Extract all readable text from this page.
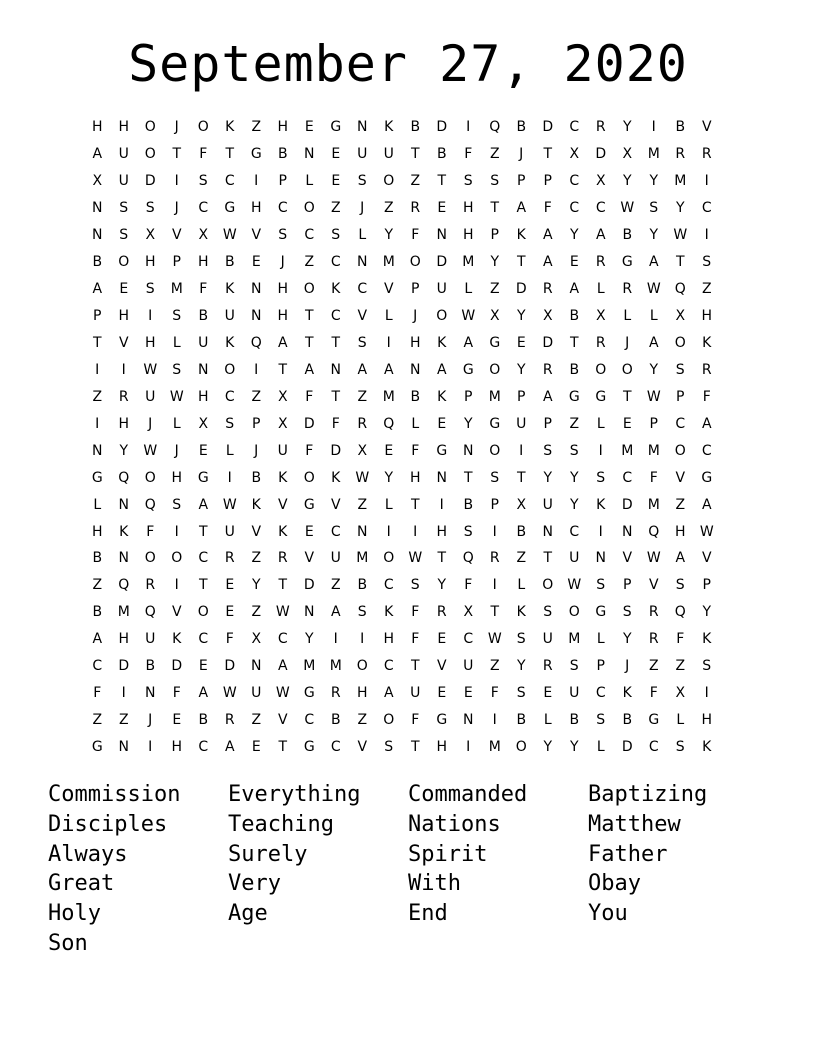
September 27, 2020
H	H	O	J	O	K	Z	H	E	G	N	K	B	D	I	Q	B	D	C	R	Y	I	B	V
A	U	O	T	F	T	G	B	N	E	U	U	T	B	F	Z	J	T	X	D	X	M	R	R
X	U	D	I	S	C	I	P	L	E	S	O	Z	T	S	S	P	P	C	X	Y	Y	M	I
N	S	S	J	C	G	H	C	O	Z	J	Z	R	E	H	T	A	F	C	C	W	S	Y	C
N	S	X	V	X	W	V	S	C	S	L	Y	F	N	H	P	K	A	Y	A	B	Y	W	I
B	O	H	P	H	B	E	J	Z	C	N	M	O	D	M	Y	T	A	E	R	G	A	T	S
A	E	S	M	F	K	N	H	O	K	C	V	P	U	L	Z	D	R	A	L	R	W	Q	Z
P	H	I	S	B	U	N	H	T	C	V	L	J	O	W	X	Y	X	B	X	L	L	X	H
T	V	H	L	U	K	Q	A	T	T	S	I	H	K	A	G	E	D	T	R	J	A	O	K
I	I	W	S	N	O	I	T	A	N	A	A	N	A	G	O	Y	R	B	O	O	Y	S	R
Z	R	U	W	H	C	Z	X	F	T	Z	M	B	K	P	M	P	A	G	G	T	W	P	F
I	H	J	L	X	S	P	X	D	F	R	Q	L	E	Y	G	U	P	Z	L	E	P	C	A
N	Y	W	J	E	L	J	U	F	D	X	E	F	G	N	O	I	S	S	I	M	M	O	C
G	Q	O	H	G	I	B	K	O	K	W	Y	H	N	T	S	T	Y	Y	S	C	F	V	G
L	N	Q	S	A	W	K	V	G	V	Z	L	T	I	B	P	X	U	Y	K	D	M	Z	A
H	K	F	I	T	U	V	K	E	C	N	I	I	H	S	I	B	N	C	I	N	Q	H	W
B	N	O	O	C	R	Z	R	V	U	M	O	W	T	Q	R	Z	T	U	N	V	W	A	V
Z	Q	R	I	T	E	Y	T	D	Z	B	C	S	Y	F	I	L	O	W	S	P	V	S	P
B	M	Q	V	O	E	Z	W	N	A	S	K	F	R	X	T	K	S	O	G	S	R	Q	Y
A	H	U	K	C	F	X	C	Y	I	I	H	F	E	C	W	S	U	M	L	Y	R	F	K
C	D	B	D	E	D	N	A	M	M	O	C	T	V	U	Z	Y	R	S	P	J	Z	Z	S
F	I	N	F	A	W	U	W	G	R	H	A	U	E	E	F	S	E	U	C	K	F	X	I
Z	Z	J	E	B	R	Z	V	C	B	Z	O	F	G	N	I	B	L	B	S	B	G	L	H
G	N	I	H	C	A	E	T	G	C	V	S	T	H	I	M	O	Y	Y	L	D	C	S	K
Commission	Everything	Commanded	Baptizing
Disciples	Teaching	Nations	Matthew
Always	Surely	Spirit	Father
Great	Very	With	Obay
Holy	Age	End	You
Son
